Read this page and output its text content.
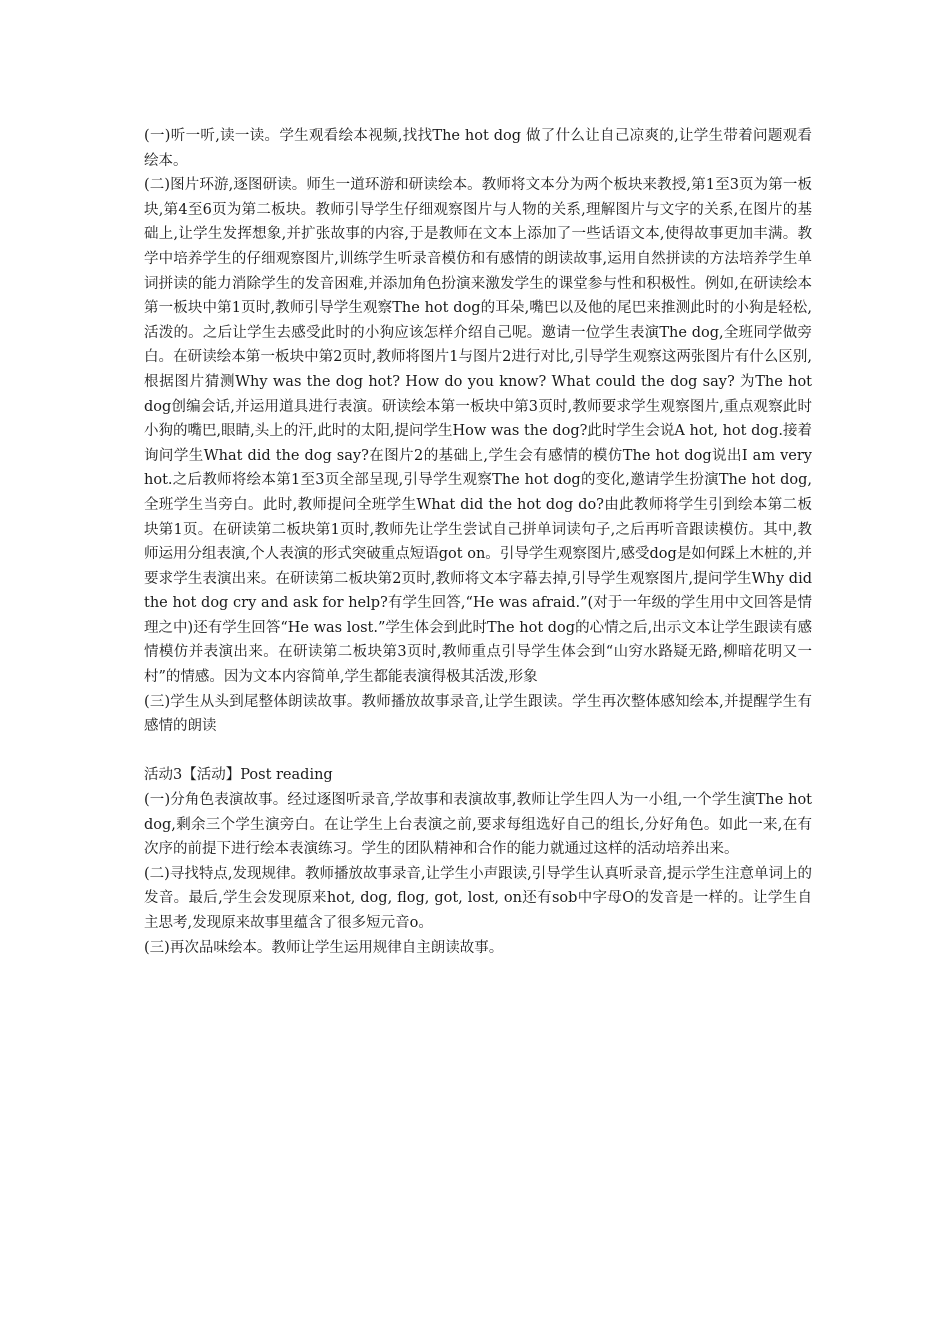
(一)听一听,读一读。学生观看绘本视频,找找The hot dog 做了什么让自己凉爽的,让学生带着问题观看绘本。

(二)图片环游,逐图研读。师生一道环游和研读绘本。教师将文本分为两个板块来教授,第1至3页为第一板块,第4至6页为第二板块。教师引导学生仔细观察图片与人物的关系,理解图片与文字的关系,在图片的基础上,让学生发挥想象,并扩张故事的内容,于是教师在文本上添加了一些话语文本,使得故事更加丰满。教学中培养学生的仔细观察图片,训练学生听录音模仿和有感情的朗读故事,运用自然拼读的方法培养学生单词拼读的能力消除学生的发音困难,并添加角色扮演来激发学生的课堂参与性和积极性。例如,在研读绘本第一板块中第1页时,教师引导学生观察The hot dog的耳朵,嘴巴以及他的尾巴来推测此时的小狗是轻松,活泼的。之后让学生去感受此时的小狗应该怎样介绍自己呢。邀请一位学生表演The dog,全班同学做旁白。在研读绘本第一板块中第2页时,教师将图片1与图片2进行对比,引导学生观察这两张图片有什么区别,根据图片猜测Why was the dog hot? How do you know? What could the dog say? 为The hot dog创编会话,并运用道具进行表演。研读绘本第一板块中第3页时,教师要求学生观察图片,重点观察此时小狗的嘴巴,眼睛,头上的汗,此时的太阳,提问学生How was the dog?此时学生会说A hot, hot dog.接着询问学生What did the dog say?在图片2的基础上,学生会有感情的模仿The hot dog说出I am very hot.之后教师将绘本第1至3页全部呈现,引导学生观察The hot dog的变化,邀请学生扮演The hot dog,全班学生当旁白。此时,教师提问全班学生What did the hot dog do?由此教师将学生引到绘本第二板块第1页。在研读第二板块第1页时,教师先让学生尝试自己拼单词读句子,之后再听音跟读模仿。其中,教师运用分组表演,个人表演的形式突破重点短语got on。引导学生观察图片,感受dog是如何踩上木桩的,并要求学生表演出来。在研读第二板块第2页时,教师将文本字幕去掉,引导学生观察图片,提问学生Why did the hot dog cry and ask for help?有学生回答,“He was afraid.”(对于一年级的学生用中文回答是情理之中)还有学生回答“He was lost.”学生体会到此时The hot dog的心情之后,出示文本让学生跟读有感情模仿并表演出来。在研读第二板块第3页时,教师重点引导学生体会到“山穷水路疑无路,柳暗花明又一村”的情感。因为文本内容简单,学生都能表演得极其活泼,形象

(三)学生从头到尾整体朗读故事。教师播放故事录音,让学生跟读。学生再次整体感知绘本,并提醒学生有感情的朗读

活动3【活动】Post reading

(一)分角色表演故事。经过逐图听录音,学故事和表演故事,教师让学生四人为一小组,一个学生演The hot dog,剩余三个学生演旁白。在让学生上台表演之前,要求每组选好自己的组长,分好角色。如此一来,在有次序的前提下进行绘本表演练习。学生的团队精神和合作的能力就通过这样的活动培养出来。

(二)寻找特点,发现规律。教师播放故事录音,让学生小声跟读,引导学生认真听录音,提示学生注意单词上的发音。最后,学生会发现原来hot, dog, flog, got, lost, on还有sob中字母O的发音是一样的。让学生自主思考,发现原来故事里蕴含了很多短元音o。

(三)再次品味绘本。教师让学生运用规律自主朗读故事。
